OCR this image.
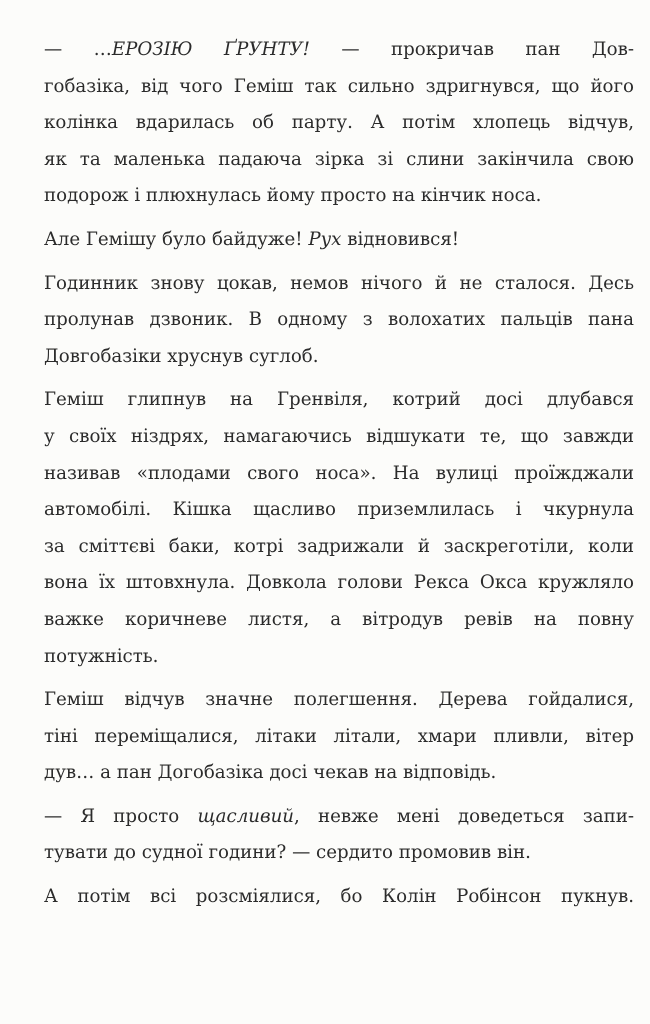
— …ЕРОЗІЮ ҐРУНТУ! — прокричав пан Дов-
гобазіка, від чого Геміш так сильно здригнувся, що його
колінка вдарилась об парту. А потім хлопець відчув,
як та маленька падаюча зірка зі слини закінчила свою
подорож і плюхнулась йому просто на кінчик носа.

Але Гемішу було байдуже! Рух відновився!

Годинник знову цокав, немов нічого й не сталося. Десь
пролунав дзвоник. В одному з волохатих пальців пана
Довгобазіки хруснув суглоб.

Геміш глипнув на Гренвіля, котрий досі длубався
у своїх ніздрях, намагаючись відшукати те, що завжди
називав «плодами свого носа». На вулиці проїжджали
автомобілі. Кішка щасливо приземлилась і чкурнула
за сміттєві баки, котрі задрижали й заскреготіли, коли
вона їх штовхнула. Довкола голови Рекса Окса кружляло
важке коричневе листя, а вітродув ревів на повну
потужність.

Геміш відчув значне полегшення. Дерева гойдалися,
тіні переміщалися, літаки літали, хмари пливли, вітер
дув… а пан Догобазіка досі чекав на відповідь.

— Я просто щасливий, невже мені доведеться запи-
тувати до судної години? — сердито промовив він.

А потім всі розсміялися, бо Колін Робінсон пукнув.
